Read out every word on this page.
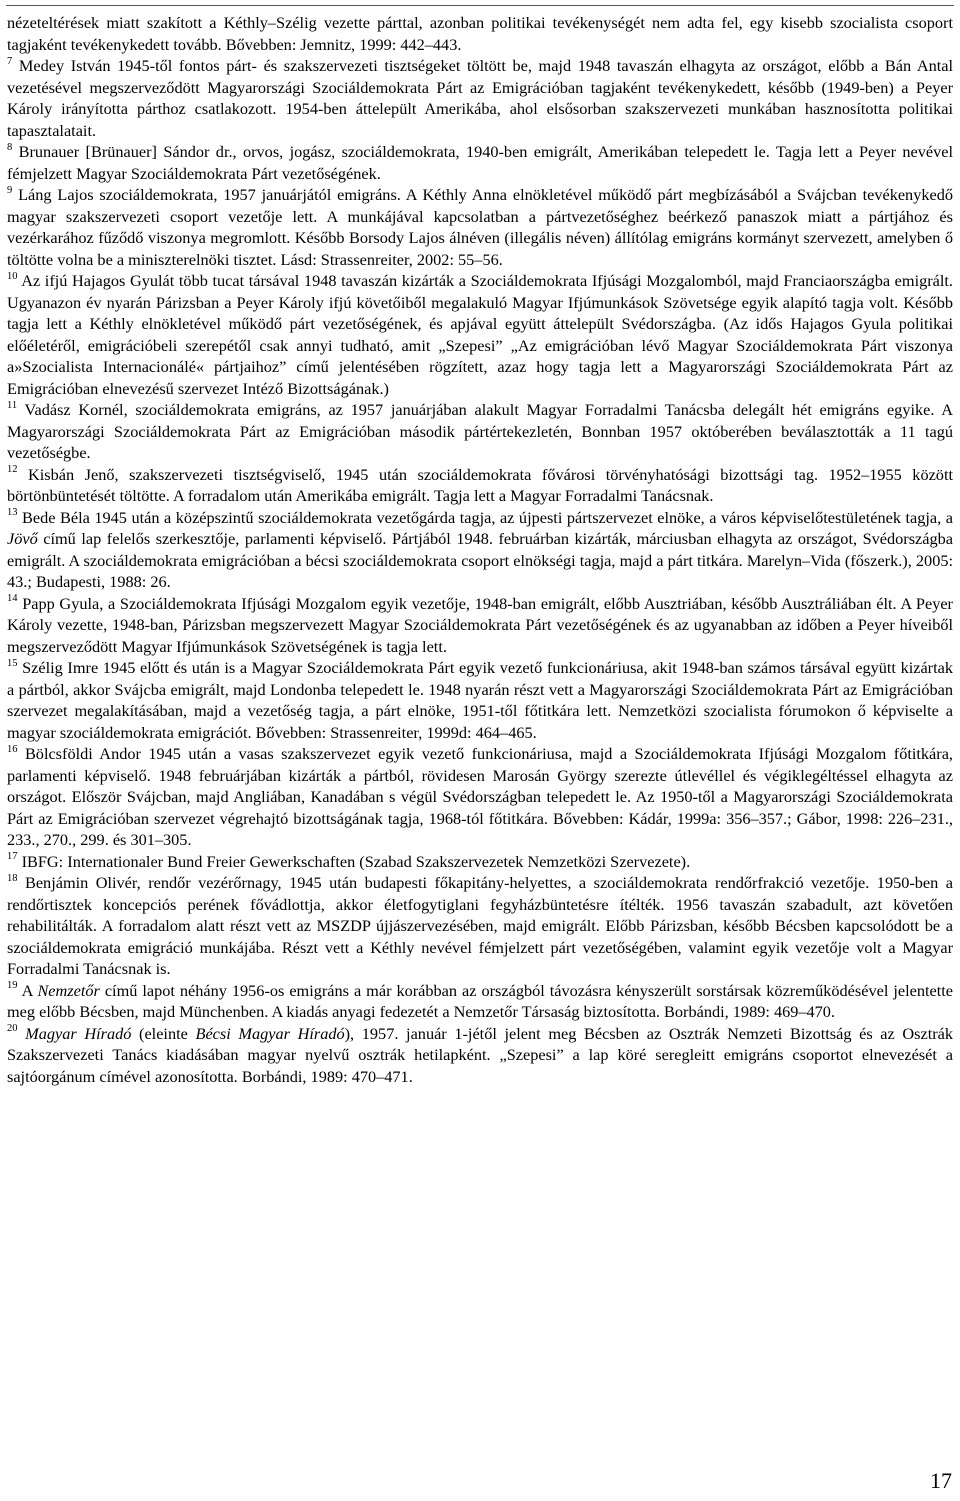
nézeteltérések miatt szakított a Kéthly–Szélig vezette párttal, azonban politikai tevékenységét nem adta fel, egy kisebb szocialista csoport tagjaként tevékenykedett tovább. Bővebben: Jemnitz, 1999: 442–443.

$^7$ Medey István 1945-től fontos párt- és szakszervezeti tisztségeket töltött be, majd 1948 tavaszán elhagyta az országot, előbb a Bán Antal vezetésével megszerveződött Magyarországi Szociáldemokrata Párt az Emigrációban tagjaként tevékenykedett, később (1949-ben) a Peyer Károly irányította párthoz csatlakozott. 1954-ben áttelepült Amerikába, ahol elsősorban szakszervezeti munkában hasznosította politikai tapasztalatait.

$^8$ Brunauer [Brünauer] Sándor dr., orvos, jogász, szociáldemokrata, 1940-ben emigrált, Amerikában telepedett le. Tagja lett a Peyer nevével fémjelzett Magyar Szociáldemokrata Párt vezetőségének.

$^9$ Láng Lajos szociáldemokrata, 1957 januárjától emigráns. A Kéthly Anna elnökletével működő párt megbízásából a Svájcban tevékenykedő magyar szakszervezeti csoport vezetője lett. A munkájával kapcsolatban a pártvezetőséghez beérkező panaszok miatt a pártjához és vezérkarához fűződő viszonya megromlott. Később Borsody Lajos álnéven (illegális néven) állítólag emigráns kormányt szervezett, amelyben ő töltötte volna be a miniszterelnöki tisztet. Lásd: Strassenreiter, 2002: 55–56.

$^{10}$ Az ifjú Hajagos Gyulát több tucat társával 1948 tavaszán kizárták a Szociáldemokrata Ifjúsági Mozgalomból, majd Franciaországba emigrált. Ugyanazon év nyarán Párizsban a Peyer Károly ifjú követőiből megalakuló Magyar Ifjúmunkások Szövetsége egyik alapító tagja volt. Később tagja lett a Kéthly elnökletével működő párt vezetőségének, és apjával együtt áttelepült Svédországba. (Az idős Hajagos Gyula politikai előéletéről, emigrációbeli szerepétől csak annyi tudható, amit „Szepesi” „Az emigrációban lévő Magyar Szociáldemokrata Párt viszonya a»Szocialista Internacionálé« pártjaihoz” című jelentésében rögzített, azaz hogy tagja lett a Magyarországi Szociáldemokrata Párt az Emigrációban elnevezésű szervezet Intéző Bizottságának.)

$^{11}$ Vadász Kornél, szociáldemokrata emigráns, az 1957 januárjában alakult Magyar Forradalmi Tanácsba delegált hét emigráns egyike. A Magyarországi Szociáldemokrata Párt az Emigrációban második pártértekezletén, Bonnban 1957 októberében beválasztották a 11 tagú vezetőségbe.

$^{12}$ Kisbán Jenő, szakszervezeti tisztségviselő, 1945 után szociáldemokrata fővárosi törvényhatósági bizottsági tag. 1952–1955 között börtönbüntetését töltötte. A forradalom után Amerikába emigrált. Tagja lett a Magyar Forradalmi Tanácsnak.

$^{13}$ Bede Béla 1945 után a középszintű szociáldemokrata vezetőgárda tagja, az újpesti pártszervezet elnöke, a város képviselőtestületének tagja, a Jövő című lap felelős szerkesztője, parlamenti képviselő. Pártjából 1948. februárban kizárták, márciusban elhagyta az országot, Svédországba emigrált. A szociáldemokrata emigrációban a bécsi szociáldemokrata csoport elnökségi tagja, majd a párt titkára. Marelyn–Vida (főszerk.), 2005: 43.; Budapesti, 1988: 26.

$^{14}$ Papp Gyula, a Szociáldemokrata Ifjúsági Mozgalom egyik vezetője, 1948-ban emigrált, előbb Ausztriában, később Ausztráliában élt. A Peyer Károly vezette, 1948-ban, Párizsban megszervezett Magyar Szociáldemokrata Párt vezetőségének és az ugyanabban az időben a Peyer híveiből megszerveződött Magyar Ifjúmunkások Szövetségének is tagja lett.

$^{15}$ Szélig Imre 1945 előtt és után is a Magyar Szociáldemokrata Párt egyik vezető funkcionáriusa, akit 1948-ban számos társával együtt kizártak a pártból, akkor Svájcba emigrált, majd Londonba telepedett le. 1948 nyarán részt vett a Magyarországi Szociáldemokrata Párt az Emigrációban szervezet megalakításában, majd a vezetőség tagja, a párt elnöke, 1951-től főtitkára lett. Nemzetközi szocialista fórumokon ő képviselte a magyar szociáldemokrata emigrációt. Bővebben: Strassenreiter, 1999d: 464–465.

$^{16}$ Bölcsföldi Andor 1945 után a vasas szakszervezet egyik vezető funkcionáriusa, majd a Szociáldemokrata Ifjúsági Mozgalom főtitkára, parlamenti képviselő. 1948 februárjában kizárták a pártból, rövidesen Marosán György szerezte útlevéllel és végiklegéltéssel elhagyta az országot. Először Svájcban, majd Angliában, Kanadában s végül Svédországban telepedett le. Az 1950-től a Magyarországi Szociáldemokrata Párt az Emigrációban szervezet végrehajtó bizottságának tagja, 1968-tól főtitkára. Bővebben: Kádár, 1999a: 356–357.; Gábor, 1998: 226–231., 233., 270., 299. és 301–305.

$^{17}$ IBFG: Internationaler Bund Freier Gewerkschaften (Szabad Szakszervezetek Nemzetközi Szervezete).

$^{18}$ Benjámin Olivér, rendőr vezérőrnagy, 1945 után budapesti főkapitány-helyettes, a szociáldemokrata rendőrfrakció vezetője. 1950-ben a rendőrtisztek koncepciós perének fővádlottja, akkor életfogytiglani fegyházbüntetésre ítélték. 1956 tavaszán szabadult, azt követően rehabilitálták. A forradalom alatt részt vett az MSZDP újjászervezésében, majd emigrált. Előbb Párizsban, később Bécsben kapcsolódott be a szociáldemokrata emigráció munkájába. Részt vett a Kéthly nevével fémjelzett párt vezetőségében, valamint egyik vezetője volt a Magyar Forradalmi Tanácsnak is.

$^{19}$ A Nemzetőr című lapot néhány 1956-os emigráns a már korábban az országból távozásra kényszerült sorstársak közreműködésével jelentette meg előbb Bécsben, majd Münchenben. A kiadás anyagi fedezetét a Nemzetőr Társaság biztosította. Borbándi, 1989: 469–470.

$^{20}$ Magyar Híradó (eleinte Bécsi Magyar Híradó), 1957. január 1-jétől jelent meg Bécsben az Osztrák Nemzeti Bizottság és az Osztrák Szakszervezeti Tanács kiadásában magyar nyelvű osztrák hetilapként. „Szepesi” a lap köré seregleitt emigráns csoportot elnevezését a sajtóorgánum címével azonosította. Borbándi, 1989: 470–471.

17
